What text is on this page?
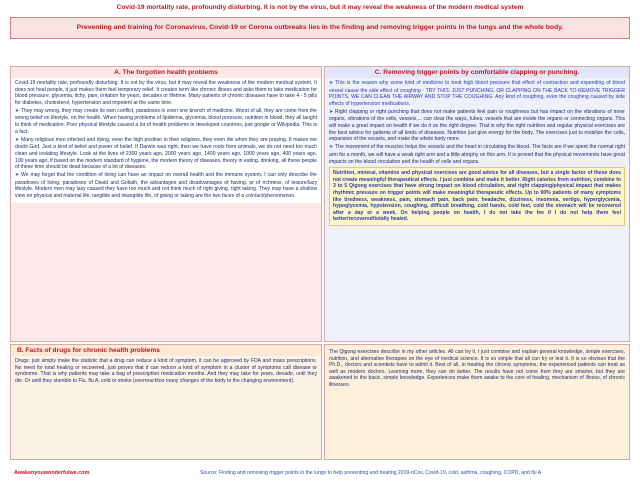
Covid-19 mortality rate, profoundly disturbing. It is not by the virus, but it may reveal the weakness of the modern medical system
Preventing and training for Coronavirus, Covid-19 or Corona outbreaks lies in the finding and removing trigger points in the lungs and the whole body.
A. The forgotten health problems

Covid-19 mortality rate, profoundly disturbing. It is not by the virus, but it may reveal the weakness of the modern medical system. It does not heal people, it just makes them feel temporary relief. It creates term like chronic illness and asks them to take medication for blood pressure, glycemia, itchy, pain, irritation for years, decades or lifetime. Many patients of chronic diseases have to take 4 - 5 pills for diabetes, cholesterol, hypertension and impotent at the same time.

➤ They may wrong, they may create its own conflict, paradoxes in even one branch of medicine. Worst of all, they are come from the wrong belief on lifestyle, on the health. When having problems of lipidemia, glycemia, blood pressure, nutrition in blood, they all taught to think of medication. Poor physical lifestyle caused a lot of health problems in developed countries, just google or Wikipedia. This is a fact.

➤ Many religious men infected and dying, even the high position in their religions, they even die when they are praying. It makes me doubt God. Just a kind of belief and power of belief. If Darwin was right, then we have roots from animals, we do not need too much clean and isolating lifestyle. Look at the lives of 2300 years ago, 2000 years ago, 1400 years ago, 1000 years ago, 400 years ago, 100 years ago, if based on the modern standard of hygiene, the modern theory of diseases, theory in eating, drinking, all these people of these time should be dead because of a lot of diseases.

➤ We may forget that the condition of living can have an impact on overall health and the immune system. I can only describe the paradoxes of living, paradoxes of David and Goliath, the advantages and disadvantages of having, pr of richness, of leisure/lazy lifestyle. Modern men may lazy caused they have too much and not think much of right giving, right taking. They may have a shallow view on physical and material life, tangible and intangible life, of giving or taking are the two faces of a coin/act/phenomenon.

C. Removing trigger points by comfortable clapping or punching.

➤ This is the reason why some kind of medicine to treat high blood pressure that effect of contraction and expending of blood vessel cause the side effect of coughing - TRY THIS: JUST PUNCHING, OR CLAPPING ON THE BACK TO REMOVE TRIGGER POINTS, WE CAN CLEAN THE AIRWAY AND STOP THE COUGHING. Any kind of coughing, even the coughing caused by side effects of hypertension medications.

➤ Right clapping or right punching that does not make patients feel pain or roughness but has impact on the vibrations of inner organs, vibrations of the cells, vessels,... can clear the ways, tubes, vessels that are inside the organs or connecting organs. This will make a great impact on health if we do it on the right degree. That is why the right nutrition and regular physical exercises are the best advice for patients of all kinds of diseases. Nutrition just give energy for the body. The exercises just to mobilize the cells, expansion of the vessels, and make the whole body more.

➤ The movement of the muscles helps the vessels and the heart in circulating the blood. The facts are if we spent the normal right arm for a month, we will have a weak right arm and a little atrophy on this arm. It is proved that the physical movements have great impacts on the blood circulation and the health of cells and organs.

Nutrition, mineral, vitamins and physical exercises are good advice for all diseases, but a single factor of these does not create meaningful therapeutical effects. I just combine and make it better. Right calories from nutrition, combine to 3 to 5 Qigong exercises that have strong impact on blood circulation, and right clapping/physical impact that makes rhythmic pressure on trigger points will make meaningful therapeutic effects. Up to 90% patients of many symptoms like tiredness, weakness, pain, stomach pain, back pain, headache, dizziness, insomnia, vertigo, hyperglycemia, hypoglycemia, hypotension, coughing, difficult breathing, cold hands, cold feet, cold the stomach will be recovered after a day or a week. On helping people on health, I do not take the fee if I do not help them feel better/recovered/totally healed.
B. Facts of drugs for chronic health problems

Drugs: just simply make the statistic that a drug can reduce a kind of symptom, it can be approved by FDA and mass prescriptions. No need for total healing or recovered, just proves that it can reduce a kind of symptom in a cluster of symptoms call disease or syndrome. That is why patients may take a bag of prescription medication months. And they may take for years, decade, until they die. Or until they stumble to Flu, flu A, cold or stroke (overreact/too many changes of the body to the changing environment).

The Qigong exercises describe in my other articles. All can try it. I just combine and explain general knowledge, simple exercises, nutrition, and alternative therapies on the eye of medical science. It is so simple that all can try or test it. It is so obvious that the Ph.D., doctors and scientists have to admit it. Best of all, in treating the chronic symptoms, the experienced patients can treat as well as modern doctors. Learning more, they can do better. The results have not come from they are smarter, but they are awakened to the basic, simple knowledge. Experiences make them awake to the core of healing, mechanism of illness, of chronic illnesses.

Awakenyouwonderfulwe.com	Source: Finding and removing trigger points in the lungs to help preventing and treating 2019-nCov, Covid-19, cold, asthma, coughing, COPD, and flu A
